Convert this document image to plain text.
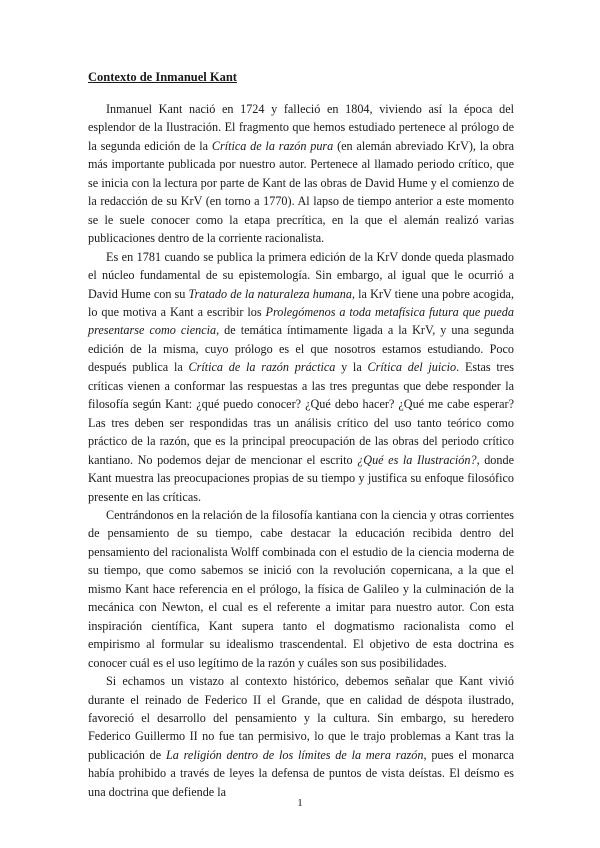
Contexto de Inmanuel Kant

Inmanuel Kant nació en 1724 y falleció en 1804, viviendo así la época del esplendor de la Ilustración. El fragmento que hemos estudiado pertenece al prólogo de la segunda edición de la Crítica de la razón pura (en alemán abreviado KrV), la obra más importante publicada por nuestro autor. Pertenece al llamado periodo crítico, que se inicia con la lectura por parte de Kant de las obras de David Hume y el comienzo de la redacción de su KrV (en torno a 1770). Al lapso de tiempo anterior a este momento se le suele conocer como la etapa precrítica, en la que el alemán realizó varias publicaciones dentro de la corriente racionalista.

Es en 1781 cuando se publica la primera edición de la KrV donde queda plasmado el núcleo fundamental de su epistemología. Sin embargo, al igual que le ocurrió a David Hume con su Tratado de la naturaleza humana, la KrV tiene una pobre acogida, lo que motiva a Kant a escribir los Prolegómenos a toda metafísica futura que pueda presentarse como ciencia, de temática íntimamente ligada a la KrV, y una segunda edición de la misma, cuyo prólogo es el que nosotros estamos estudiando. Poco después publica la Crítica de la razón práctica y la Crítica del juicio. Estas tres críticas vienen a conformar las respuestas a las tres preguntas que debe responder la filosofía según Kant: ¿qué puedo conocer? ¿Qué debo hacer? ¿Qué me cabe esperar? Las tres deben ser respondidas tras un análisis crítico del uso tanto teórico como práctico de la razón, que es la principal preocupación de las obras del periodo crítico kantiano. No podemos dejar de mencionar el escrito ¿Qué es la Ilustración?, donde Kant muestra las preocupaciones propias de su tiempo y justifica su enfoque filosófico presente en las críticas.

Centrándonos en la relación de la filosofía kantiana con la ciencia y otras corrientes de pensamiento de su tiempo, cabe destacar la educación recibida dentro del pensamiento del racionalista Wolff combinada con el estudio de la ciencia moderna de su tiempo, que como sabemos se inició con la revolución copernicana, a la que el mismo Kant hace referencia en el prólogo, la física de Galileo y la culminación de la mecánica con Newton, el cual es el referente a imitar para nuestro autor. Con esta inspiración científica, Kant supera tanto el dogmatismo racionalista como el empirismo al formular su idealismo trascendental. El objetivo de esta doctrina es conocer cuál es el uso legítimo de la razón y cuáles son sus posibilidades.

Si echamos un vistazo al contexto histórico, debemos señalar que Kant vivió durante el reinado de Federico II el Grande, que en calidad de déspota ilustrado, favoreció el desarrollo del pensamiento y la cultura. Sin embargo, su heredero Federico Guillermo II no fue tan permisivo, lo que le trajo problemas a Kant tras la publicación de La religión dentro de los límites de la mera razón, pues el monarca había prohibido a través de leyes la defensa de puntos de vista deístas. El deísmo es una doctrina que defiende la

1
